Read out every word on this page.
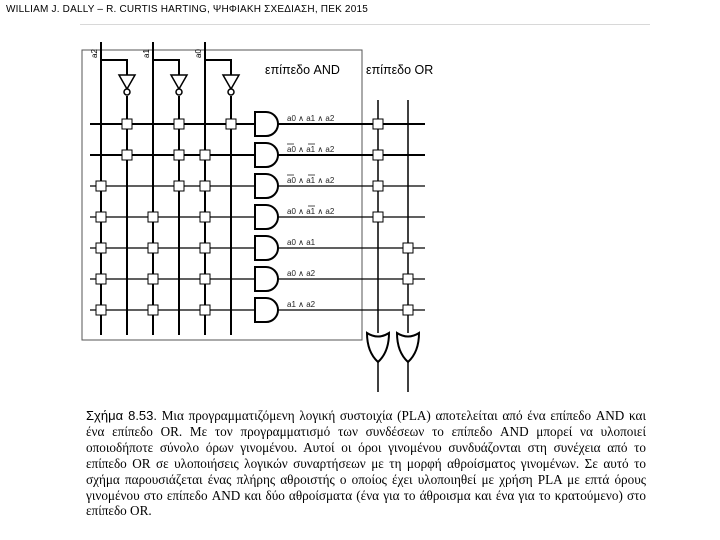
WILLIAM J. DALLY – R. CURTIS HARTING, ΨΗΦΙΑΚΗ ΣΧΕΔΙΑΣΗ, ΠΕΚ 2015
επίπεδο AND επίπεδο OR
a2	a1	a0
a0 ∧ a1 ∧ a2
a0 ∧ a1 ∧ a2
a0 ∧ a1 ∧ a2
a0 ∧ a1 ∧ a2
a0 ∧ a1
a0 ∧ a2
a1 ∧ a2
Σχήμα 8.53. Μια προγραμματιζόμενη λογική συστοιχία (PLA) αποτελείται από ένα επίπεδο AND και ένα επίπεδο OR. Με τον προγραμματισμό των συνδέσεων το επίπεδο AND μπορεί να υλοποιεί οποιοδήποτε σύνολο όρων γινομένου. Αυτοί οι όροι γινομένου συνδυάζονται στη συνέχεια από το επίπεδο OR σε υλοποιήσεις λογικών συναρτήσεων με τη μορφή αθροίσματος γινομένων. Σε αυτό το σχήμα παρουσιάζεται ένας πλήρης αθροιστής ο οποίος έχει υλοποιηθεί με χρήση PLA με επτά όρους γινομένου στο επίπεδο AND και δύο αθροίσματα (ένα για το άθροισμα και ένα για το κρατούμενο) στο επίπεδο OR.
